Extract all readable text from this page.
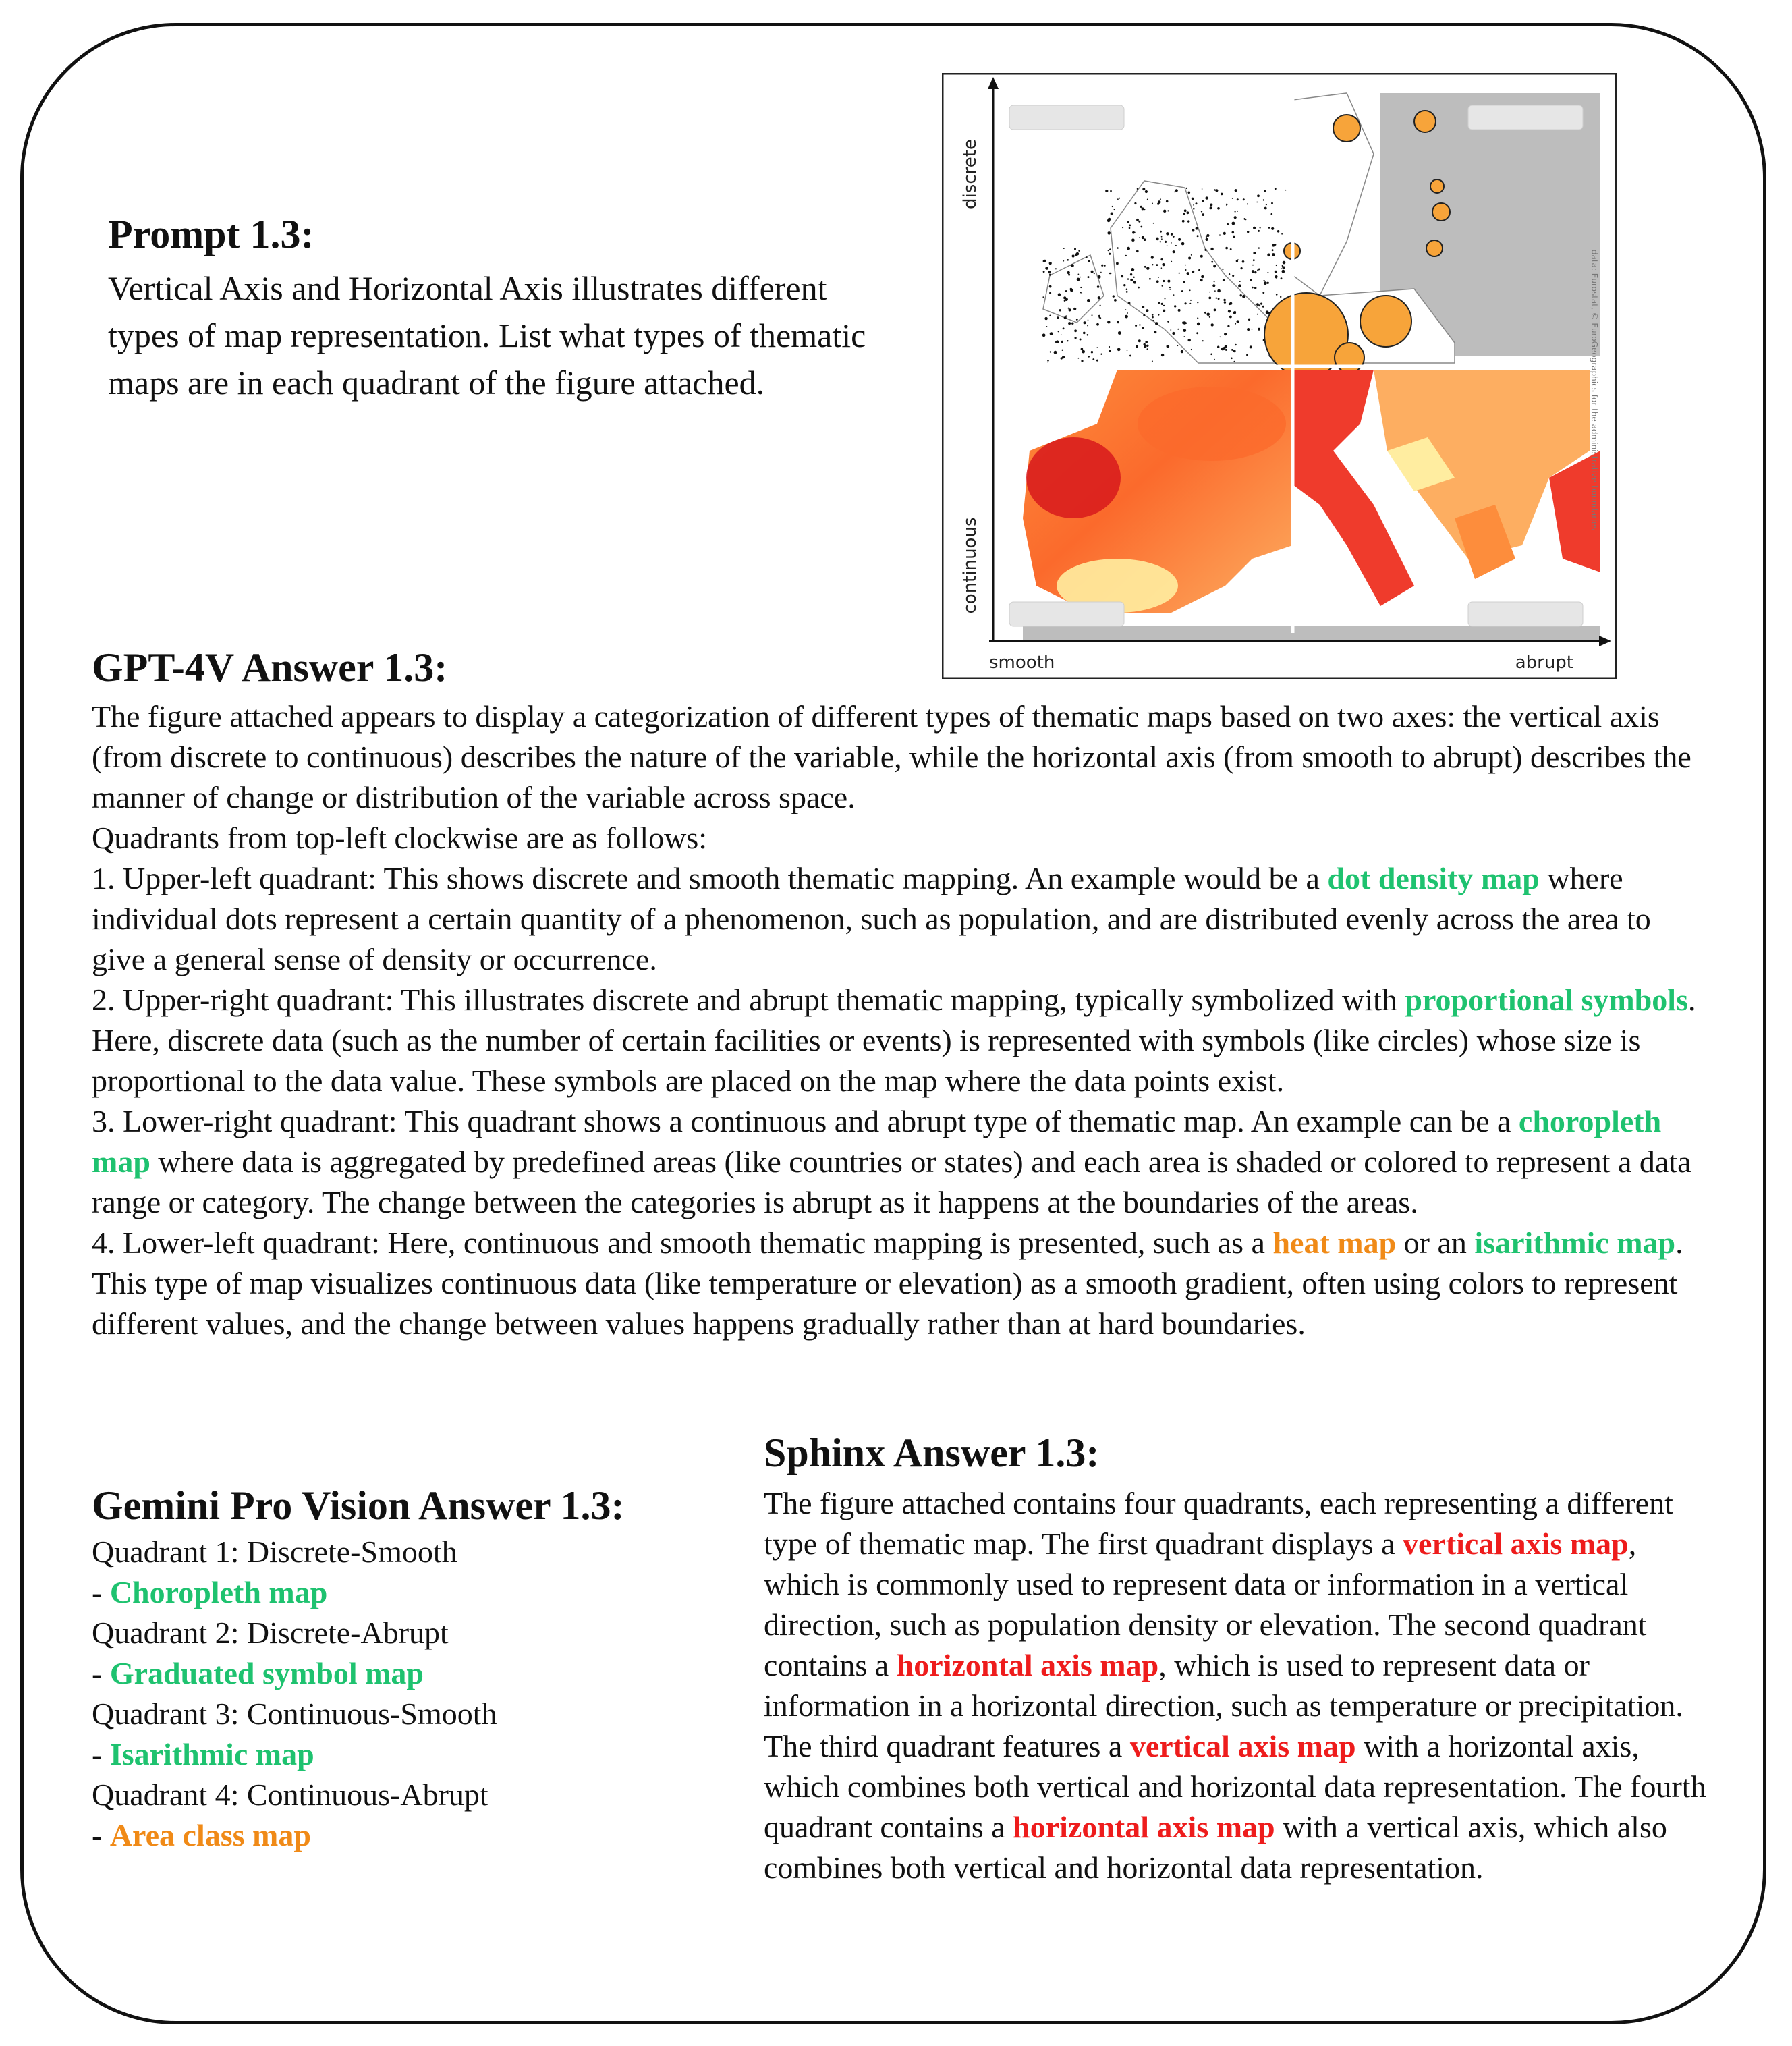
Prompt 1.3:

Vertical Axis and Horizontal Axis illustrates different types of map representation. List what types of thematic maps are in each quadrant of the figure attached.

discrete
continuous
smooth	abrupt
data: Eurostat, © EuroGeographics for the administrative boundaries
GPT-4V Answer 1.3:
The figure attached appears to display a categorization of different types of thematic maps based on two axes: the vertical axis (from discrete to continuous) describes the nature of the variable, while the horizontal axis (from smooth to abrupt) describes the manner of change or distribution of the variable across space.
Quadrants from top-left clockwise are as follows:
1. Upper-left quadrant: This shows discrete and smooth thematic mapping. An example would be a dot density map where individual dots represent a certain quantity of a phenomenon, such as population, and are distributed evenly across the area to give a general sense of density or occurrence.
2. Upper-right quadrant: This illustrates discrete and abrupt thematic mapping, typically symbolized with proportional symbols. Here, discrete data (such as the number of certain facilities or events) is represented with symbols (like circles) whose size is proportional to the data value. These symbols are placed on the map where the data points exist.
3. Lower-right quadrant: This quadrant shows a continuous and abrupt type of thematic map. An example can be a choropleth map where data is aggregated by predefined areas (like countries or states) and each area is shaded or colored to represent a data range or category. The change between the categories is abrupt as it happens at the boundaries of the areas.
4. Lower-left quadrant: Here, continuous and smooth thematic mapping is presented, such as a heat map or an isarithmic map. This type of map visualizes continuous data (like temperature or elevation) as a smooth gradient, often using colors to represent different values, and the change between values happens gradually rather than at hard boundaries.
Gemini Pro Vision Answer 1.3:
Quadrant 1: Discrete-Smooth
- Choropleth map
Quadrant 2: Discrete-Abrupt
- Graduated symbol map
Quadrant 3: Continuous-Smooth
- Isarithmic map
Quadrant 4: Continuous-Abrupt
- Area class map
Sphinx Answer 1.3:

The figure attached contains four quadrants, each representing a different type of thematic map. The first quadrant displays a vertical axis map, which is commonly used to represent data or information in a vertical direction, such as population density or elevation. The second quadrant contains a horizontal axis map, which is used to represent data or information in a horizontal direction, such as temperature or precipitation. The third quadrant features a vertical axis map with a horizontal axis, which combines both vertical and horizontal data representation. The fourth quadrant contains a horizontal axis map with a vertical axis, which also combines both vertical and horizontal data representation.
